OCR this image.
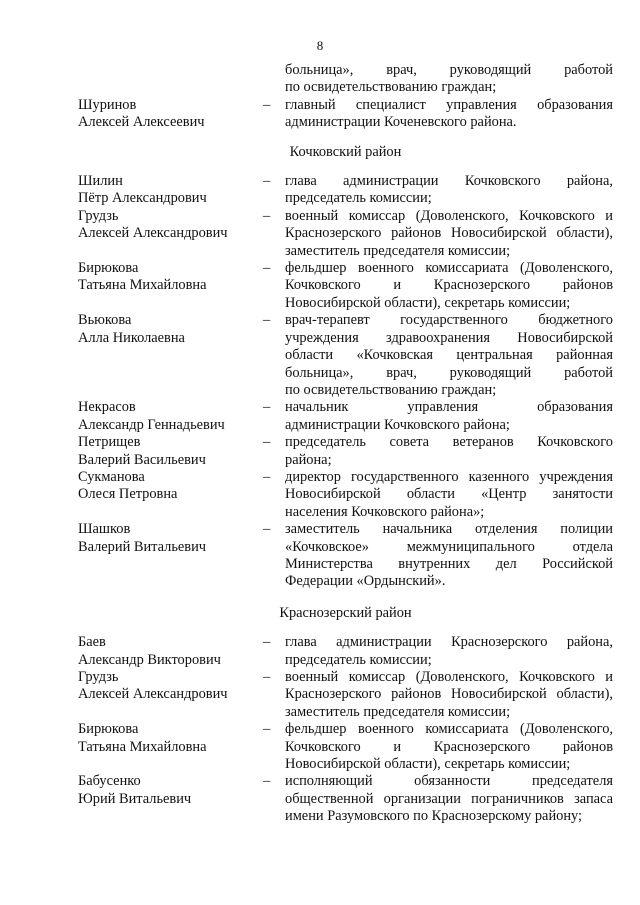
8
больница», врач, руководящий работой
по освидетельствованию граждан;
Шуринов
Алексей Алексеевич
–	главный специалист управления образования
администрации Коченевского района.
Кочковский район
Шилин
Пётр Александрович
–	глава администрации Кочковского района,
председатель комиссии;
Грудзь
Алексей Александрович
–	военный комиссар (Доволенского, Кочковского и
Краснозерского районов Новосибирской области),
заместитель председателя комиссии;
Бирюкова
Татьяна Михайловна
–	фельдшер военного комиссариата (Доволенского,
Кочковского и Краснозерского районов
Новосибирской области), секретарь комиссии;
Вьюкова
Алла Николаевна
–	врач-терапевт государственного бюджетного
учреждения здравоохранения Новосибирской
области «Кочковская центральная районная
больница», врач, руководящий работой
по освидетельствованию граждан;
Некрасов
Александр Геннадьевич
–	начальник управления образования
администрации Кочковского района;
Петрищев
Валерий Васильевич
–	председатель совета ветеранов Кочковского
района;
Сукманова
Олеся Петровна
–	директор государственного казенного учреждения
Новосибирской области «Центр занятости
населения Кочковского района»;
Шашков
Валерий Витальевич
–	заместитель начальника отделения полиции
«Кочковское» межмуниципального отдела
Министерства внутренних дел Российской
Федерации «Ордынский».
Краснозерский район
Баев
Александр Викторович
–	глава администрации Краснозерского района,
председатель комиссии;
Грудзь
Алексей Александрович
–	военный комиссар (Доволенского, Кочковского и
Краснозерского районов Новосибирской области),
заместитель председателя комиссии;
Бирюкова
Татьяна Михайловна
–	фельдшер военного комиссариата (Доволенского,
Кочковского и Краснозерского районов
Новосибирской области), секретарь комиссии;
Бабусенко
Юрий Витальевич
–	исполняющий обязанности председателя
общественной организации пограничников запаса
имени Разумовского по Краснозерскому району;
